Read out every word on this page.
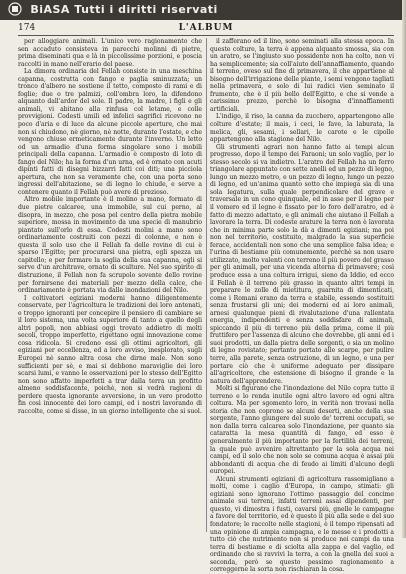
BiASA Tutti i diritti riservati
174	L'ALBUM

per alloggiare animali. L'unico vero ragionamento che sen accaduto consisteva in parecchi molinni di pietre, prima diseminati qua e là in piccolissime porzioni, e poscia raccolti in mano nell'erario del paese.

La dimora ordinaria del Fellah consiste in una meschina capanna, costrutta con fango e paglia sminuzzata; un tronco d'albero ne sostiene il tetto, composto di rami e di foglie; due o tre palmizi, coll'ombra loro, la difendono alquanto dall'ardor del sole. Il padre, la madre, i figli e gli animali, vi abitano alla rinfusa col letame, e colle provvigioni. Codesti umili ed infelici sagrifici ricevono ne poco d'aria e di luce da alcune piccole aperture, che mai non si chiudono, nè giorno, nè notte, durante l'estate, e che vengono chiuse ermeticamente durante l'inverno. Un letto od un armadio d'una forma singolare sono i mobili principali della capanna. L'armadio è composto di loto di fango del Nilo; ha la forma d'un urna, ed è ornato con acuti dipinti fatti di disegni bizzarri fatti coi diti; una picciola apertura, che non sa veramente che, con una porta sono ingressi dell'abitazione, se di legno lo chiude, e serve a contenere quanto il Fellah può avere di prezioso.

Altro mobile importante è il molino a mano, formato di due pietre calcaree, una immobile, sul cui perno, al disopra, in mezzo, che posa pel centro della pietra mobile superiore, mossa in movimento da una specie di manubrio piantato sull'orlo di essa. Codesti molini a mano sono ordinariamente costruiti con pezzi di colonne, e non è questa il solo uso che il Fellah fa delle rovine di cui è sparso l'Egitto; per procurarsi una pietra, egli spezza un capitello; e per formare la soglia della sua capanna, egli si serve d'un architrave, ornato di sculture. Nel suo spirito di distruzione, il Fellah non fa scrupolo sovente dello rovine per fornirsene dei materiali per mezzo della calce, che ordinariamente è portata via dalle inondazioni del Nilo.

I coltivatori egiziani moderni hanno diligentemente conservate, per l'agricoltura le tradizioni dei loro antenati, e troppo ignoranti per concepire il pensiero di cambiare se il loro sistema, una volta superiore di tanto a quello degli altri popoli, non abbiasi oggi trovato addietro di molti secoli, troppo imperfetto, rigettano ogni innovazione come cosa ridicola. Si credono essi gli ottimi agricoltori, gli egiziani per eccellenza, ed a loro avviso, inesplorato, sugli Europei nè sanno altra cosa che dirne male. Non sono sufficienti per sè, e mai si debbono maraviglie dei loro scarsi lumi, e vanno le osservazioni per lo stesso dell'Egitto non sono affatto imperfetti a trar dalla terra un profitto almeno soddisfacente, poichè, non si vedrà ragioni di perdere questa ignorante avversione, in un vero prodotto fin così innocente dei loro campi, ed i nostri lavorando di raccolte, come si disse, in un giorno intelligente che si suol.

il zafferano ed il lino, sono seminati alla stessa epoca. In queste colture, la terra è appena alquanto smossa, sia con un aratro, se l'ingiusto suo possidente non ha colto, non vi ha semplicemente; sia coll'aiuto dell'annaffiamento, quando il terreno, oveso sul fine di primavera, il che appartiene al bisogno dell'irrigazione delle piante, i semi vengono tagliati nella primavera, e solo di lui radici vien seminato il frumento, che è il più bello dell'Egitto, e che si vende a carissimo prezzo, perchè lo bisogna d'innaffiamenti artificiali.

L'indigo, il riso, la canna da zucchero, appartengono alle colture d'estate; il mais, i ceci, le fave, la laburata, la melica, gli, sesami, i sellari, le carote e le cipolle appartengono alla stagione del Nilo.

Gli strumenti agrari non hanno fatto ai tempi alcun progresso, dopo il tempo dei Faraoni; un solo vaglio, per lo stesso secolo si va indietro. L'aratro del Fellah ha un ferro triangolare appuntato con sette anelli ed un pezzo di legno, lungo un mezzo metro, e un pezzo di legno, lungo un pezzo di legno, ed un'anima quanto sotto che impiega sia di una sola legatura, sulla quale perpendicolare del grave e traversale in un cono quinquale, ed in asse per il legno per il vomero ed il legno è fissato per lo foro dell'aratro, ed è fatto di mezzo adattato, e gli animali che aiutano il Fellah a lavorare la terra. Di codeste arature la terra non è lavorata che in minima parte solo la dà a dimenti egiziani; ma poi non nel territorio, costituito, malgrado la sua superficie ferace, accidentali non sono che una semplice falsa idea; e l'urina di bestiame più comunemente, perchè sa non usare utilizzato, molto valenti con terreno il più povero del grasso per gli animali, per una vicenda alterna di primavere; così produce essa a una coltura irrigui, sieno da Iddio, ed ecco il Fellah è il terreno più grasso in quanto altri tempi in preparare le zolle di mietitura, guarnita di dimenticati, come i Romani erano da terra e stabile, essendo sostituiti senza frustarsi gli uni; dei moderni ed ai loro animali, arnesi qualunque pieni di rivalutazione d'una rallentata energia, indipendenti e senza soddisfare di animali, spiccando il più di terreno più della prima, come il più fruttifero per l'assenza di alcuno che dovrebbe, gli anni ed i suoi prodotti, un dalla pietra delle sorgenti, o sia un molino di legno rovistato; pertanto portato alle scarpe, per pulire terre, alla parete, senza ostruzione, di un legno, e una per portare ciò che è uniforme adeguato per dissipare all'agricoltore, che estensione di bisogno il grande e la natura dell'apprendere.

Molti si figurano che l'inondazione del Nilo copra tutto il terreno e lo renda inutile ogni altro lavoro ed ogni altra coltura. Ma per sgomento loro, in verità non trovasi nella storia che non coprono se alcuni deserti, anche della sua sorgente, l'anno giungere del suolo de' terreni occupati, se non dalla terra calcarea solo l'inondazione, per quanto sia cataratta la mesa quantità di fango, ed esso è generalmente il più importante per la fertilità dei terreni, la quale può avvenire altrettanto per la sola acqua nei campi, ed il solo che non solo se comuna acqua è assai più abbondanti di acqua che di feudo ai limiti d'alcuno degli europei.

Alcuni strumenti egiziani di agricoltura rassomigliano a molti, come i caglio d'Europa, in campo, stimati: gli egiziani sono ignorano l'ottimo passaggio del concime animale sui terreni, infatti terreni assai dipendenti, per questo, vi dimostra i fusti, cavarsi più, gnelle le campagne a favore del territorio, ed è questo il più alla sede e del suo fondatore; le raccolte nelle stagioni, è il tempo ripensati ad una opinione di ampia campagna, e le messe e i prodotti a tutto ciò che nutrimento non si produce nei campi da una terra di bestiame e di sciolta alla zappa e del vaglio, ed ordinando che si ravvivi la terra, a con la gnella dei suoi a seconda, però se questo pessimo ragionamento a correggerne la sorta non rischiaran la cosa.
